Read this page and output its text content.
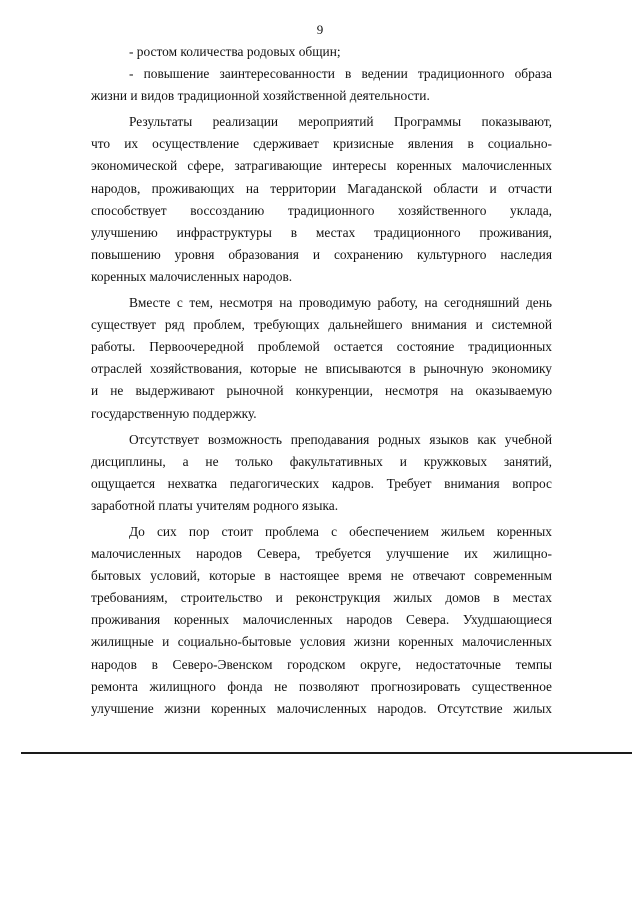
9
- ростом количества родовых общин;
- повышение заинтересованности в ведении традиционного образа
жизни и видов традиционной хозяйственной деятельности.
Результаты реализации мероприятий Программы показывают,
что их осуществление сдерживает кризисные явления в социально-
экономической сфере, затрагивающие интересы коренных малочисленных
народов, проживающих на территории Магаданской области и отчасти
способствует воссозданию традиционного хозяйственного уклада,
улучшению инфраструктуры в местах традиционного проживания,
повышению уровня образования и сохранению культурного наследия
коренных малочисленных народов.
Вместе с тем, несмотря на проводимую работу, на сегодняшний день
существует ряд проблем, требующих дальнейшего внимания и системной
работы. Первоочередной проблемой остается состояние традиционных
отраслей хозяйствования, которые не вписываются в рыночную экономику
и не выдерживают рыночной конкуренции, несмотря на оказываемую
государственную поддержку.
Отсутствует возможность преподавания родных языков как учебной
дисциплины, а не только факультативных и кружковых занятий,
ощущается нехватка педагогических кадров. Требует внимания вопрос
заработной платы учителям родного языка.
До сих пор стоит проблема с обеспечением жильем коренных
малочисленных народов Севера, требуется улучшение их жилищно-
бытовых условий, которые в настоящее время не отвечают современным
требованиям, строительство и реконструкция жилых домов в местах
проживания коренных малочисленных народов Севера. Ухудшающиеся
жилищные и социально-бытовые условия жизни коренных малочисленных
народов в Северо-Эвенском городском округе, недостаточные темпы
ремонта жилищного фонда не позволяют прогнозировать существенное
улучшение жизни коренных малочисленных народов. Отсутствие жилых
